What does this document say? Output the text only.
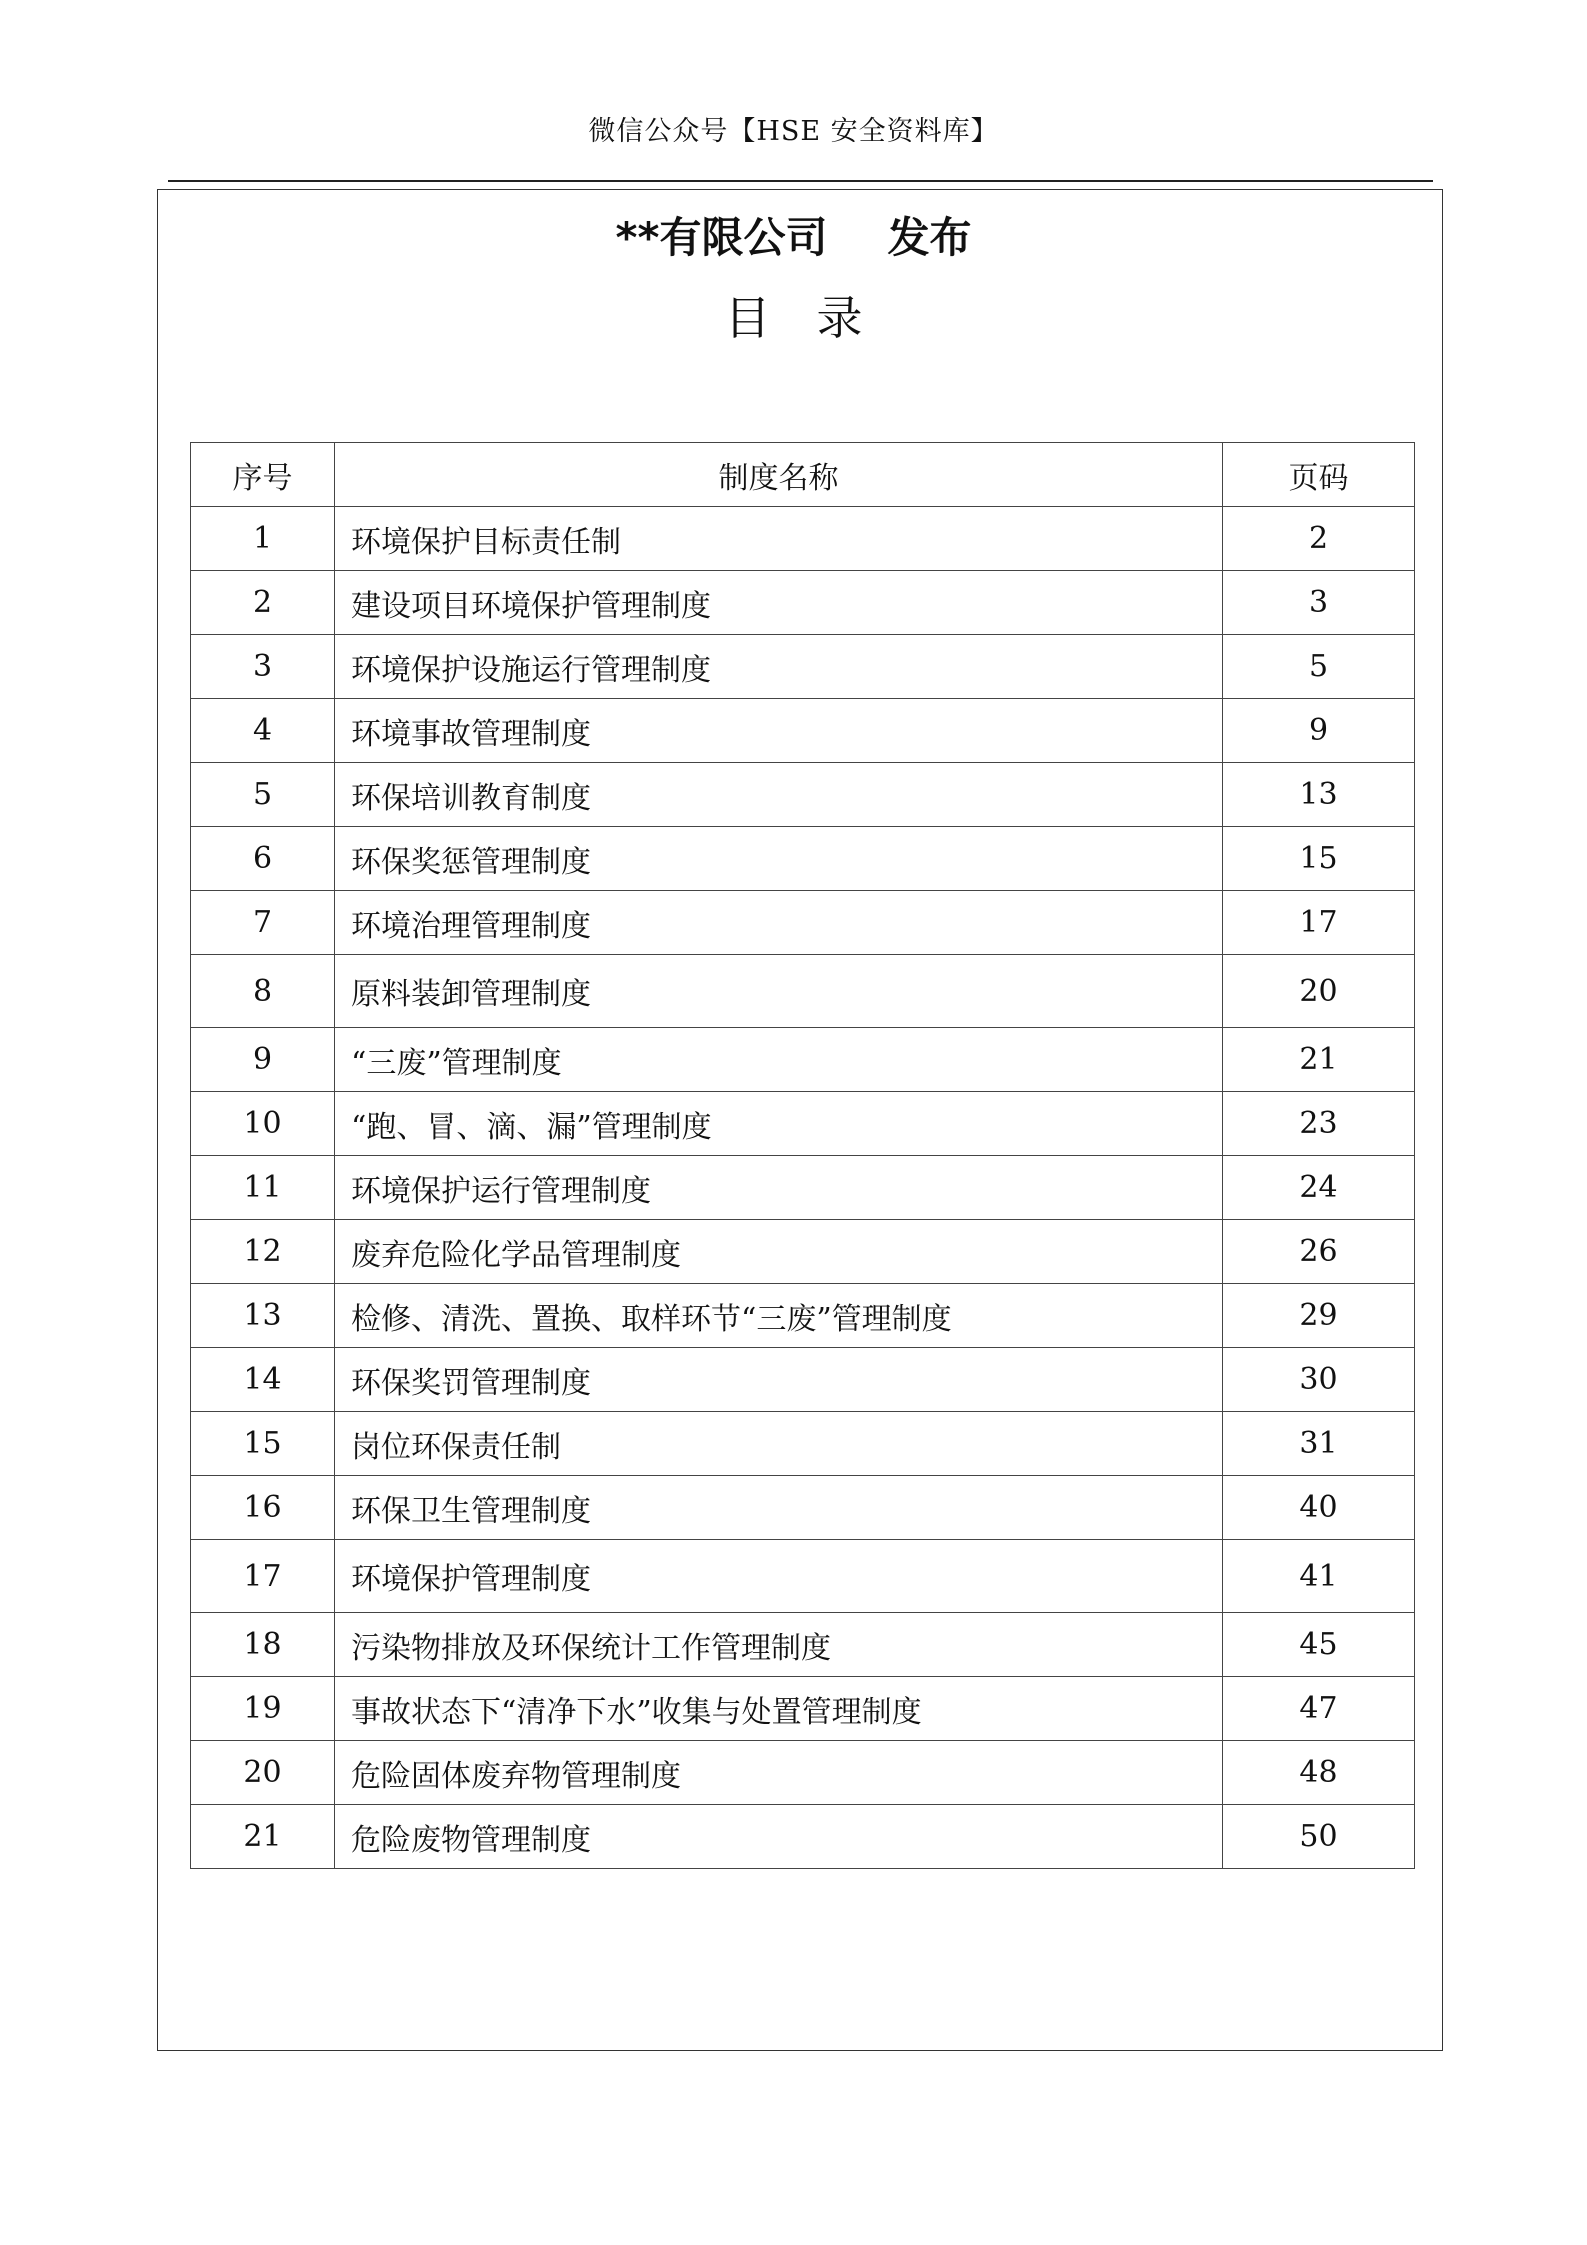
微信公众号【HSE 安全资料库】
**有限公司 发布
目录
序号	制度名称	页码
1	环境保护目标责任制	2
2	建设项目环境保护管理制度	3
3	环境保护设施运行管理制度	5
4	环境事故管理制度	9
5	环保培训教育制度	13
6	环保奖惩管理制度	15
7	环境治理管理制度	17
8	原料装卸管理制度	20
9	“三废”管理制度	21
10	“跑、冒、滴、漏”管理制度	23
11	环境保护运行管理制度	24
12	废弃危险化学品管理制度	26
13	检修、清洗、置换、取样环节“三废”管理制度	29
14	环保奖罚管理制度	30
15	岗位环保责任制	31
16	环保卫生管理制度	40
17	环境保护管理制度	41
18	污染物排放及环保统计工作管理制度	45
19	事故状态下“清净下水”收集与处置管理制度	47
20	危险固体废弃物管理制度	48
21	危险废物管理制度	50
